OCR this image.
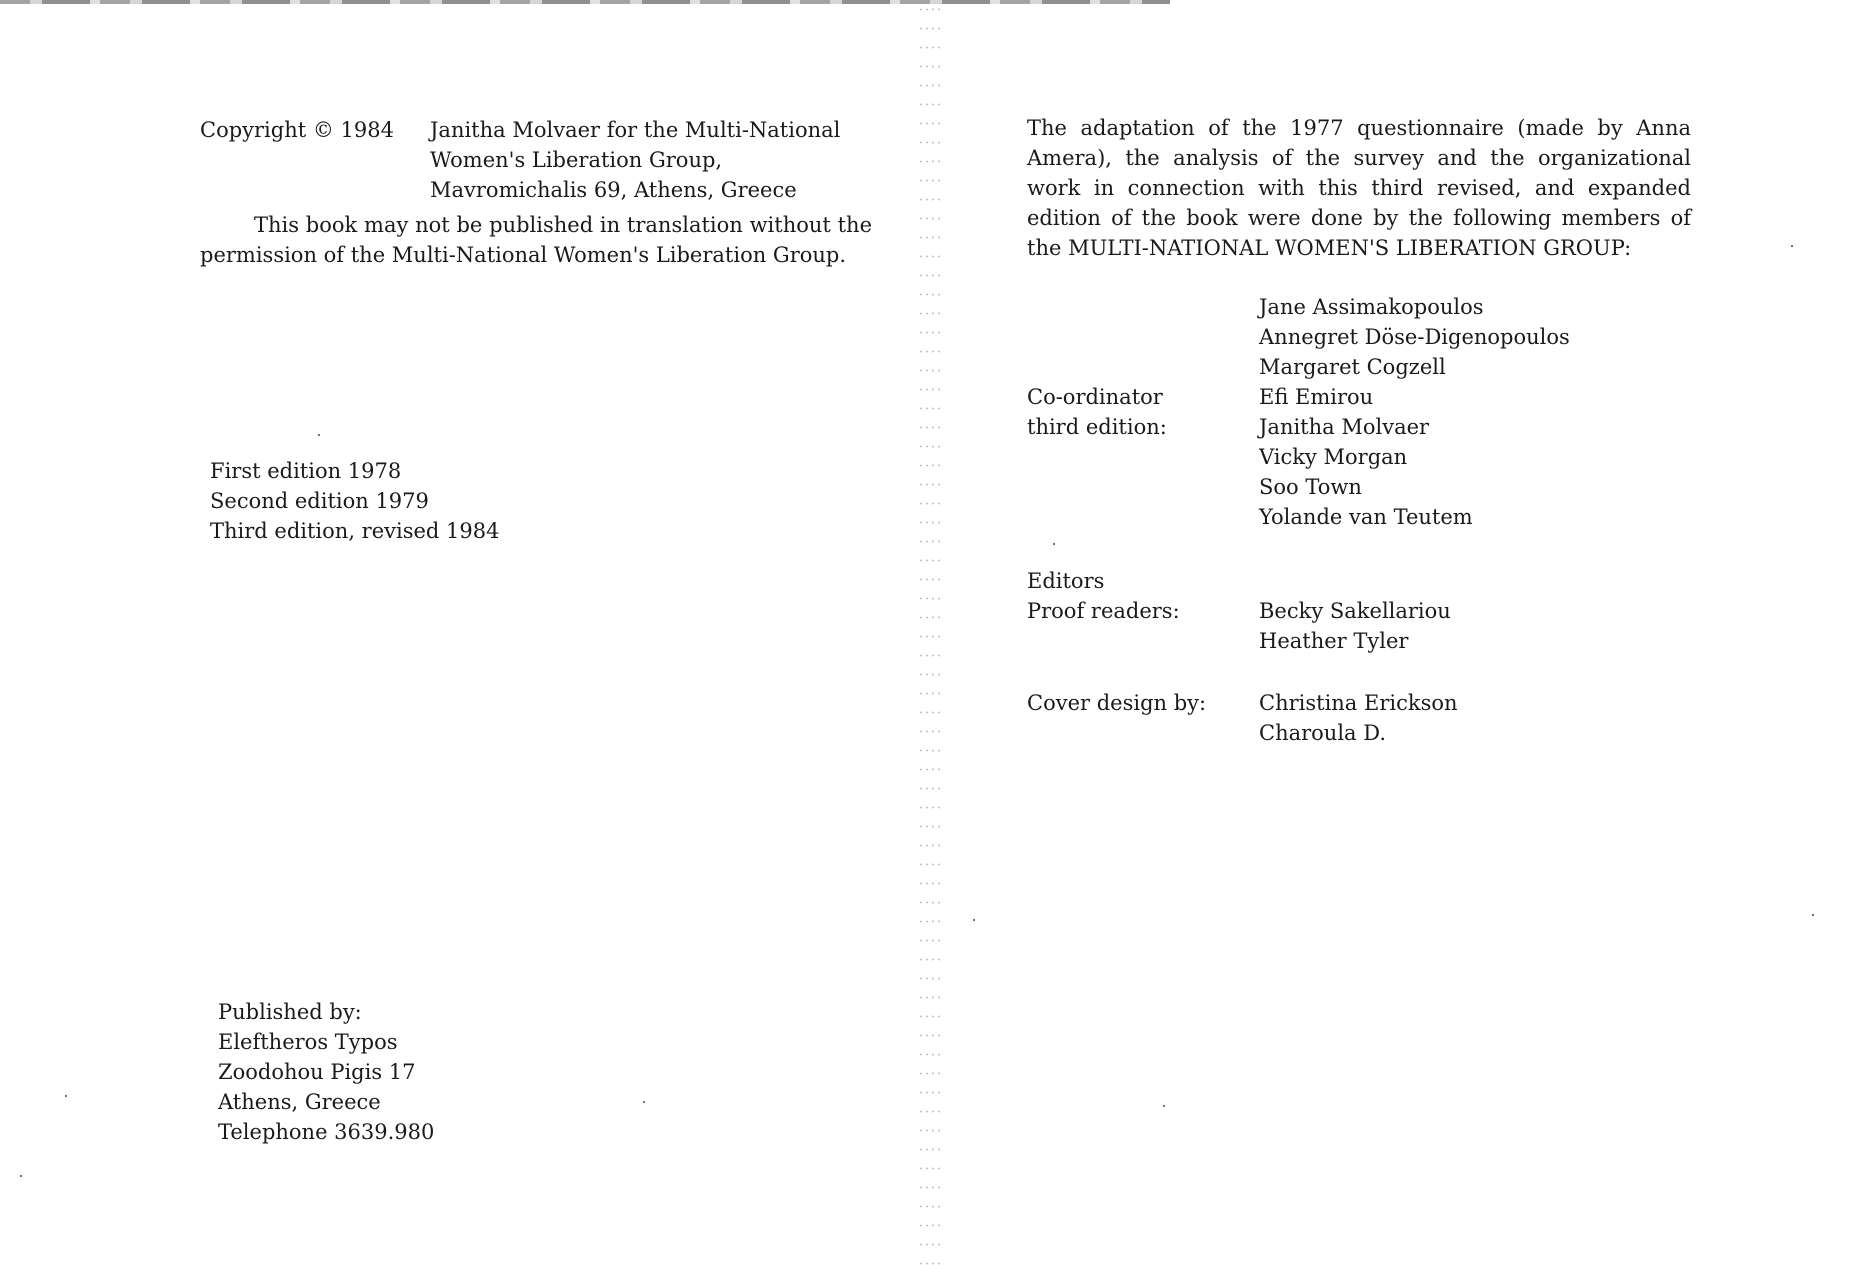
Copyright © 1984 Janitha Molvaer for the Multi-National
Women's Liberation Group,
Mavromichalis 69, Athens, Greece
This book may not be published in translation without the permission of the Multi-National Women's Liberation Group.
First edition 1978
Second edition 1979
Third edition, revised 1984
Published by:
Eleftheros Typos
Zoodohou Pigis 17
Athens, Greece
Telephone 3639.980
The adaptation of the 1977 questionnaire (made by Anna Amera), the analysis of the survey and the organizational work in connection with this third revised, and expanded edition of the book were done by the following members of the MULTI-NATIONAL WOMEN'S LIBERATION GROUP:
Co-ordinator
third edition:
Jane Assimakopoulos
Annegret Döse-Digenopoulos
Margaret Cogzell
Efi Emirou
Janitha Molvaer
Vicky Morgan
Soo Town
Yolande van Teutem
Editors
Proof readers:	Becky Sakellariou
Heather Tyler
Cover design by:	Christina Erickson
Charoula D.
